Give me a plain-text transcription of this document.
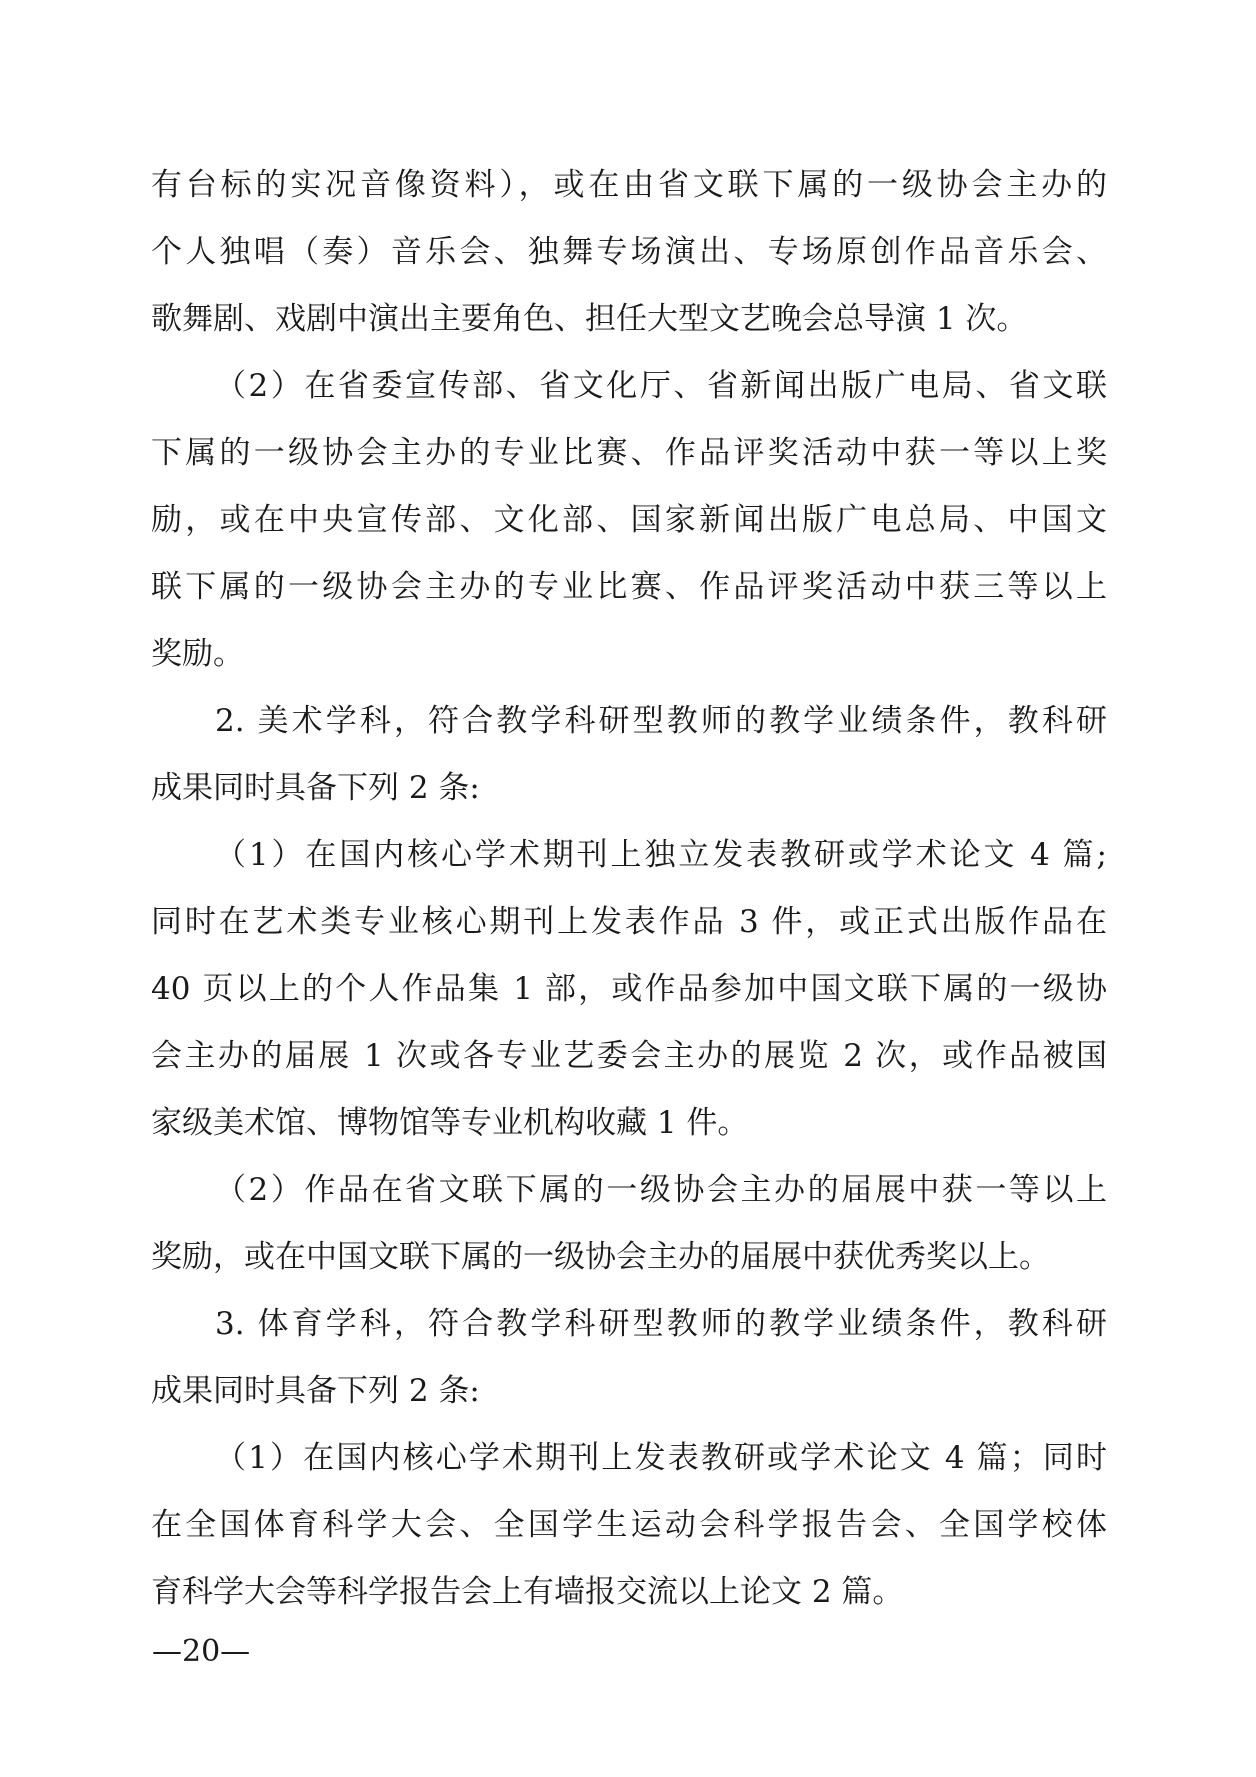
有台标的实况音像资料），或在由省文联下属的一级协会主办的
个人独唱（奏）音乐会、独舞专场演出、专场原创作品音乐会、
歌舞剧、戏剧中演出主要角色、担任大型文艺晚会总导演 1 次。
（2）在省委宣传部、省文化厅、省新闻出版广电局、省文联
下属的一级协会主办的专业比赛、作品评奖活动中获一等以上奖
励，或在中央宣传部、文化部、国家新闻出版广电总局、中国文
联下属的一级协会主办的专业比赛、作品评奖活动中获三等以上
奖励。
2. 美术学科，符合教学科研型教师的教学业绩条件，教科研
成果同时具备下列 2 条:
（1）在国内核心学术期刊上独立发表教研或学术论文 4 篇;
同时在艺术类专业核心期刊上发表作品 3 件，或正式出版作品在
40 页以上的个人作品集 1 部，或作品参加中国文联下属的一级协
会主办的届展 1 次或各专业艺委会主办的展览 2 次，或作品被国
家级美术馆、博物馆等专业机构收藏 1 件。
（2）作品在省文联下属的一级协会主办的届展中获一等以上
奖励，或在中国文联下属的一级协会主办的届展中获优秀奖以上。
3. 体育学科，符合教学科研型教师的教学业绩条件，教科研
成果同时具备下列 2 条:
（1）在国内核心学术期刊上发表教研或学术论文 4 篇；同时
在全国体育科学大会、全国学生运动会科学报告会、全国学校体
育科学大会等科学报告会上有墙报交流以上论文 2 篇。
—20—
